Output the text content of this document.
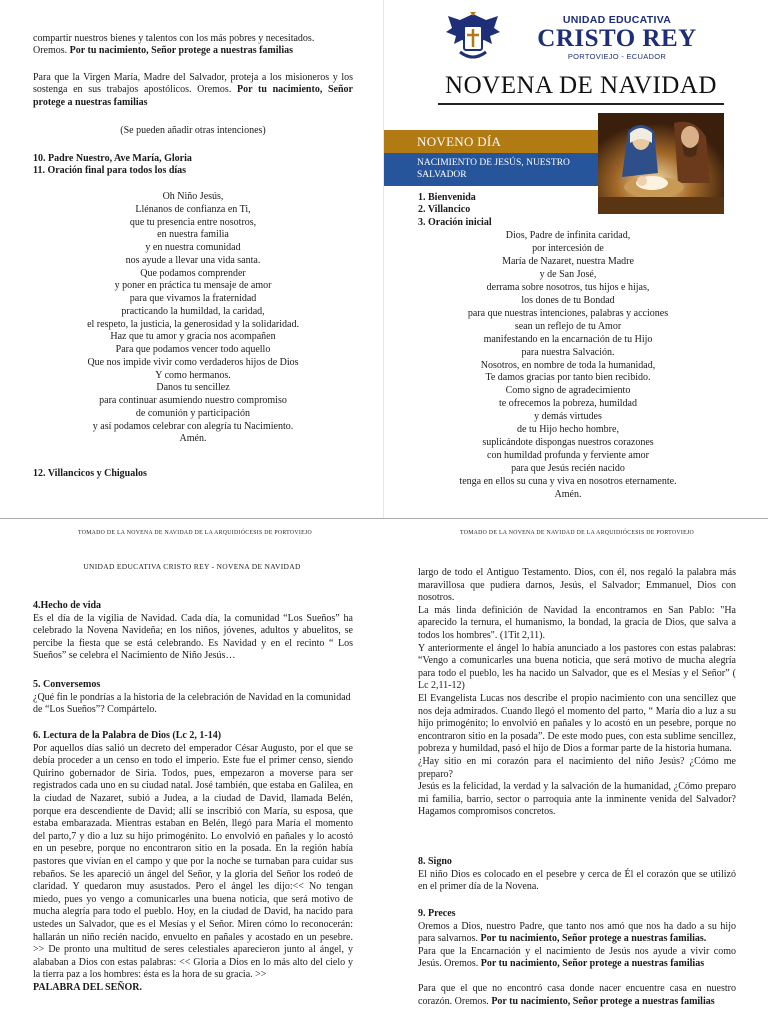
compartir nuestros bienes y talentos con los más pobres y necesitados.

Oremos. Por tu nacimiento, Señor protege a nuestras familias

Para que la Virgen María, Madre del Salvador, proteja a los misioneros y los sostenga en sus trabajos apostólicos. Oremos. Por tu nacimiento, Señor protege a nuestras familias

(Se pueden añadir otras intenciones)

10. Padre Nuestro, Ave María, Gloria

11. Oración final para todos los días

Oh Niño Jesús,
Llénanos de confianza en Ti,
que tu presencia entre nosotros,
en nuestra familia
y en nuestra comunidad
nos ayude a llevar una vida santa.
Que podamos comprender
y poner en práctica tu mensaje de amor
para que vivamos la fraternidad
practicando la humildad, la caridad,
el respeto, la justicia, la generosidad y la solidaridad.
Haz que tu amor y gracia nos acompañen
Para que podamos vencer todo aquello
Que nos impide vivir como verdaderos hijos de Dios
Y como hermanos.
Danos tu sencillez
para continuar asumiendo nuestro compromiso
de comunión y participación
y así podamos celebrar con alegría tu Nacimiento.
Amén.
12. Villancicos y Chigualos
UNIDAD EDUCATIVA
CRISTO REY
PORTOVIEJO - ECUADOR
NOVENA DE NAVIDAD
NOVENO DÍA
NACIMIENTO DE JESÚS, NUESTRO SALVADOR

1. Bienvenida

2. Villancico

3. Oración inicial

Dios, Padre de infinita caridad,
por intercesión de
María de Nazaret, nuestra Madre
y de San José,
derrama sobre nosotros, tus hijos e hijas,
los dones de tu Bondad
para que nuestras intenciones, palabras y acciones
sean un reflejo de tu Amor
manifestando en la encarnación de tu Hijo
para nuestra Salvación.
Nosotros, en nombre de toda la humanidad,
Te damos gracias por tanto bien recibido.
Como signo de agradecimiento
te ofrecemos la pobreza, humildad
y demás virtudes
de tu Hijo hecho hombre,
suplicándote dispongas nuestros corazones
con humildad profunda y ferviente amor
para que Jesús recién nacido
tenga en ellos su cuna y viva en nosotros eternamente.
Amén.
TOMADO DE LA NOVENA DE NAVIDAD DE LA ARQUIDIÓCESIS DE PORTOVIEJO	TOMADO DE LA NOVENA DE NAVIDAD DE LA ARQUIDIÓCESIS DE PORTOVIEJO
UNIDAD EDUCATIVA CRISTO REY - NOVENA DE NAVIDAD

4.Hecho de vida

Es el día de la vigilia de Navidad. Cada día, la comunidad “Los Sueños” ha celebrado la Novena Navideña; en los niños, jóvenes, adultos y abuelitos, se percibe la fiesta que se está celebrando. Es Navidad y en el recinto “ Los Sueños” se celebra el Nacimiento de Niño Jesús…

5. Conversemos

¿Qué fin le pondrías a la historia de la celebración de Navidad en la comunidad de “Los Sueños”? Compártelo.

6. Lectura de la Palabra de Dios (Lc 2, 1-14)

Por aquellos días salió un decreto del emperador César Augusto, por el que se debía proceder a un censo en todo el imperio. Este fue el primer censo, siendo Quirino gobernador de Siria. Todos, pues, empezaron a moverse para ser registrados cada uno en su ciudad natal. José también, que estaba en Galilea, en la ciudad de Nazaret, subió a Judea, a la ciudad de David, llamada Belén, porque era descendiente de David; allí se inscribió con María, su esposa, que estaba embarazada. Mientras estaban en Belén, llegó para María el momento del parto,7 y dio a luz su hijo primogénito. Lo envolvió en pañales y lo acostó en un pesebre, porque no encontraron sitio en la posada. En la región había pastores que vivían en el campo y que por la noche se turnaban para cuidar sus rebaños. Se les apareció un ángel del Señor, y la gloria del Señor los rodeó de claridad. Y quedaron muy asustados. Pero el ángel les dijo:<< No tengan miedo, pues yo vengo a comunicarles una buena noticia, que será motivo de mucha alegría para todo el pueblo. Hoy, en la ciudad de David, ha nacido para ustedes un Salvador, que es el Mesías y el Señor. Miren cómo lo reconocerán: hallarán un niño recién nacido, envuelto en pañales y acostado en un pesebre. >> De pronto una multitud de seres celestiales aparecieron junto al ángel, y alababan a Dios con estas palabras: << Gloria a Dios en lo más alto del cielo y la tierra paz a los hombres: ésta es la hora de su gracia. >>

PALABRA DEL SEÑOR.

largo de todo el Antiguo Testamento. Dios, con él, nos regaló la palabra más maravillosa que pudiera darnos, Jesús, el Salvador; Emmanuel, Dios con nosotros.

La más linda definición de Navidad la encontramos en San Pablo: "Ha aparecido la ternura, el humanismo, la bondad, la gracia de Dios, que salva a todos los hombres". (1Tit 2,11).

Y anteriormente el ángel lo había anunciado a los pastores con estas palabras: “Vengo a comunicarles una buena noticia, que será motivo de mucha alegría para todo el pueblo, les ha nacido un Salvador, que es el Mesías y el Señor” ( Lc 2,11-12)

El Evangelista Lucas nos describe el propio nacimiento con una sencillez que nos deja admirados. Cuando llegó el momento del parto, “ María dio a luz a su hijo primogénito; lo envolvió en pañales y lo acostó en un pesebre, porque no encontraron sitio en la posada”. De este modo pues, con esta sublime sencillez, pobreza y humildad, pasó el hijo de Dios a formar parte de la historia humana.

¿Hay sitio en mi corazón para el nacimiento del niño Jesús? ¿Cómo me preparo?

Jesús es la felicidad, la verdad y la salvación de la humanidad, ¿Cómo preparo mi familia, barrio, sector o parroquia ante la inminente venida del Salvador? Hagamos compromisos concretos.

8. Signo

El niño Dios es colocado en el pesebre y cerca de Él el corazón que se utilizó en el primer día de la Novena.

9. Preces

Oremos a Dios, nuestro Padre, que tanto nos amó que nos ha dado a su hijo para salvarnos. Por tu nacimiento, Señor protege a nuestras familias.

Para que la Encarnación y el nacimiento de Jesús nos ayude a vivir como Jesús. Oremos. Por tu nacimiento, Señor protege a nuestras familias

Para que el que no encontró casa donde nacer encuentre casa en nuestro corazón. Oremos. Por tu nacimiento, Señor protege a nuestras familias
